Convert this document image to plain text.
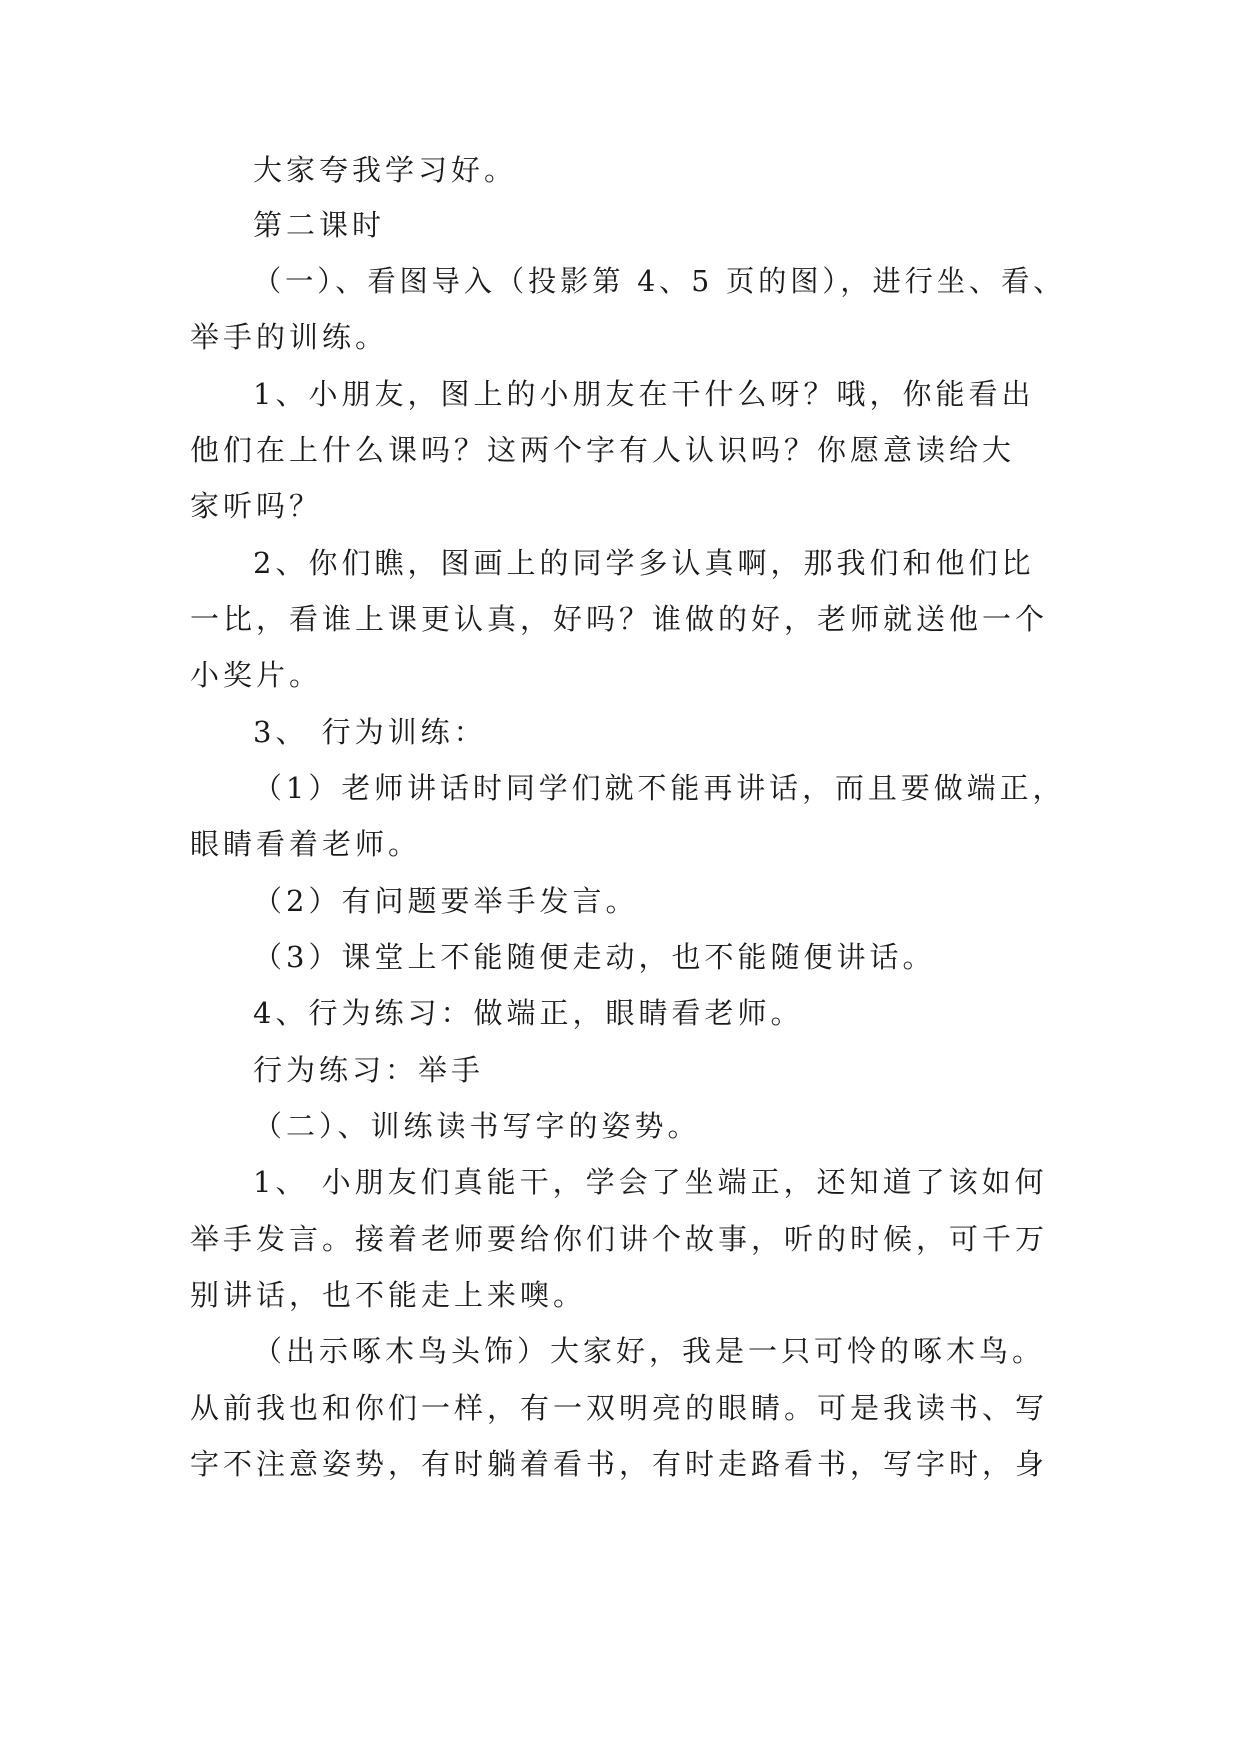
大家夸我学习好。
第二课时
（一）、看图导入（投影第 4、5 页的图），进行坐、看、
举手的训练。
1、小朋友，图上的小朋友在干什么呀？哦，你能看出
他们在上什么课吗？这两个字有人认识吗？你愿意读给大
家听吗？
2、你们瞧，图画上的同学多认真啊，那我们和他们比
一比，看谁上课更认真，好吗？谁做的好，老师就送他一个
小奖片。
3、 行为训练：
（1）老师讲话时同学们就不能再讲话，而且要做端正，
眼睛看着老师。
（2）有问题要举手发言。
（3）课堂上不能随便走动，也不能随便讲话。
4、行为练习：做端正，眼睛看老师。
行为练习：举手
（二）、训练读书写字的姿势。
1、 小朋友们真能干，学会了坐端正，还知道了该如何
举手发言。接着老师要给你们讲个故事，听的时候，可千万
别讲话，也不能走上来噢。
（出示啄木鸟头饰）大家好，我是一只可怜的啄木鸟。
从前我也和你们一样，有一双明亮的眼睛。可是我读书、写
字不注意姿势，有时躺着看书，有时走路看书，写字时，身
